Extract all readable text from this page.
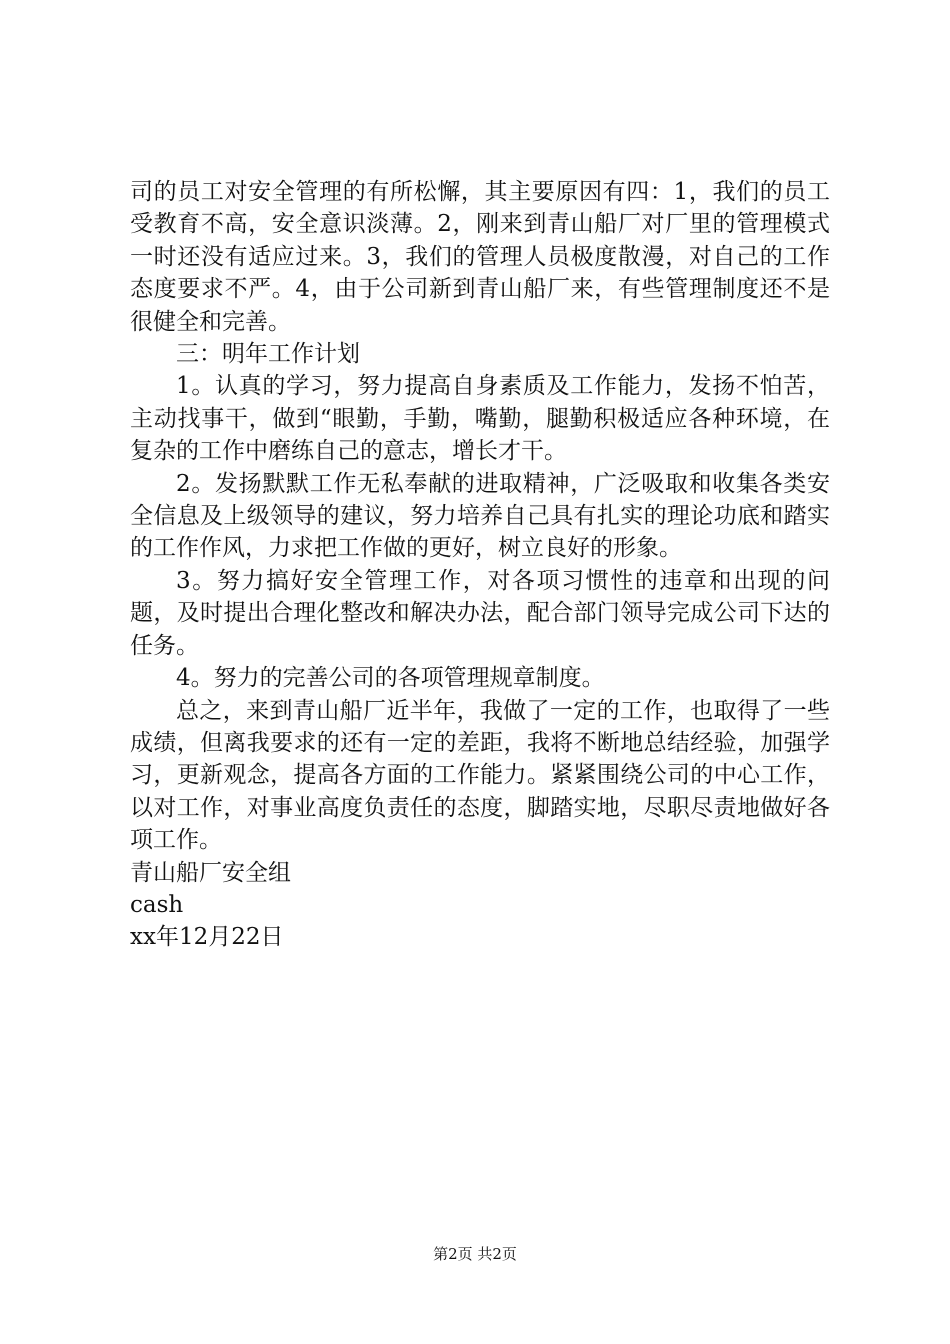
司的员工对安全管理的有所松懈，其主要原因有四：1，我们的员工受教育不高，安全意识淡薄。2，刚来到青山船厂对厂里的管理模式一时还没有适应过来。3，我们的管理人员极度散漫，对自己的工作态度要求不严。4，由于公司新到青山船厂来，有些管理制度还不是很健全和完善。

三：明年工作计划

1。认真的学习，努力提高自身素质及工作能力，发扬不怕苦，主动找事干，做到“眼勤，手勤，嘴勤，腿勤积极适应各种环境，在复杂的工作中磨练自己的意志，增长才干。

2。发扬默默工作无私奉献的进取精神，广泛吸取和收集各类安全信息及上级领导的建议，努力培养自己具有扎实的理论功底和踏实的工作作风，力求把工作做的更好，树立良好的形象。

3。努力搞好安全管理工作，对各项习惯性的违章和出现的问题，及时提出合理化整改和解决办法，配合部门领导完成公司下达的任务。

4。努力的完善公司的各项管理规章制度。

总之，来到青山船厂近半年，我做了一定的工作，也取得了一些成绩，但离我要求的还有一定的差距，我将不断地总结经验，加强学习，更新观念，提高各方面的工作能力。紧紧围绕公司的中心工作，以对工作，对事业高度负责任的态度，脚踏实地，尽职尽责地做好各项工作。

青山船厂安全组

cash

xx年12月22日

第2页 共2页
